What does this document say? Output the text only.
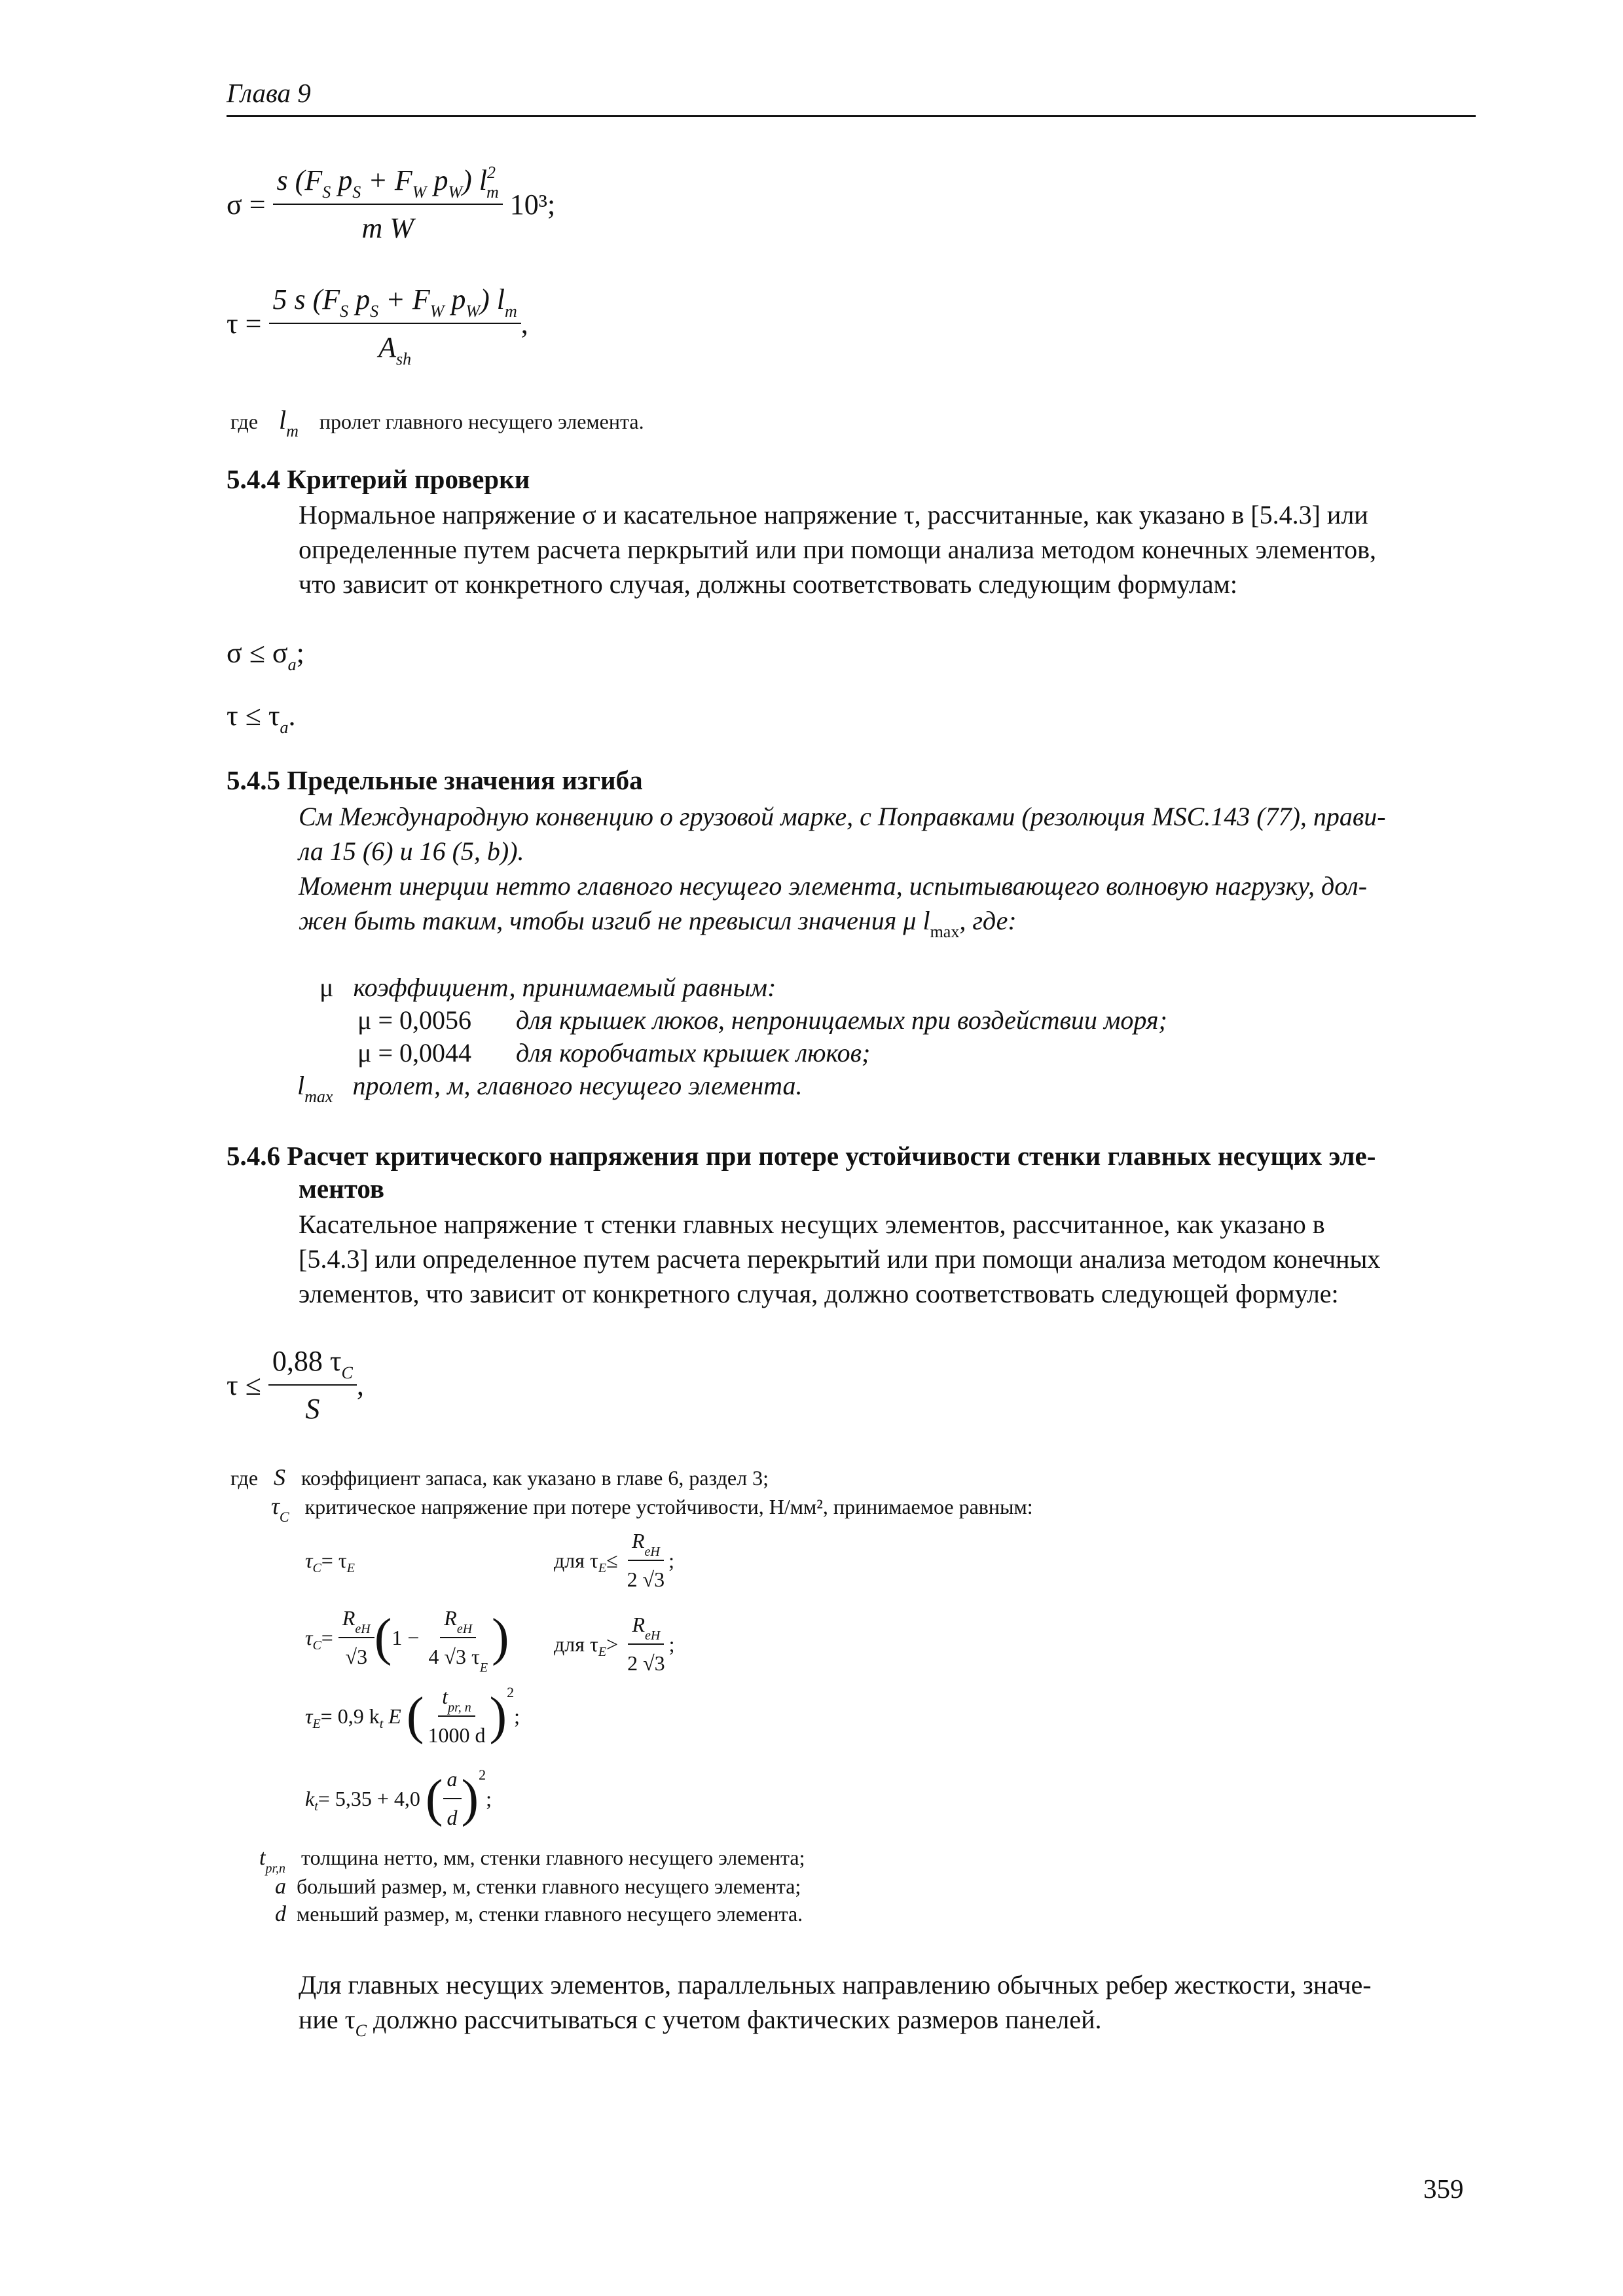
Глава 9
σ =
$\frac{s (F_S p_S + F_W p_W) l^2_m}{\text{m W}}$
10³;
τ =
$\frac{5 s (F_S p_S + F_W p_W) l_m}{A_{sh}}$ ,
где $l_m$ пролет главного несущего элемента.
5.4.4 Критерий проверки
Нормальное напряжение σ и касательное напряжение τ, рассчитанные, как указано в [5.4.3] или
определенные путем расчета перкрытий или при помощи анализа методом конечных элементов,
что зависит от конкретного случая, должны соответствовать следующим формулам:
$\sigma \le \sigma_a$;
$\tau \le \tau_a$.
5.4.5 Предельные значения изгиба
См Международную конвенцию о грузовой марке, с Поправками (резолюция MSC.143 (77), прави-
ла 15 (6) и 16 (5, b)).
Момент инерции нетто главного несущего элемента, испытывающего волновую нагрузку, дол-
жен быть таким, чтобы изгиб не превысил значения μ $l_{max}$, где:
μ коэффициент, принимаемый равным:
μ = 0,0056 для крышек люков, непроницаемых при воздействии моря;
μ = 0,0044 для коробчатых крышек люков;
$l_{max}$ пролет, м, главного несущего элемента.
5.4.6 Расчет критического напряжения при потере устойчивости стенки главных несущих эле-
ментов
Касательное напряжение τ стенки главных несущих элементов, рассчитанное, как указано в
[5.4.3] или определенное путем расчета перекрытий или при помощи анализа методом конечных
элементов, что зависит от конкретного случая, должно соответствовать следующей формуле:
τ ≤
$\frac{0,88 \tau_C}{S}$ ,
где S коэффициент запаса, как указано в главе 6, раздел 3;
$\tau_C$ критическое напряжение при потере устойчивости, Н/мм², принимаемое равным:
τ C = τ E	для τ E ≤
$\frac{R_{eH}}{2 √3}$ ;
τ C =
$\frac{R_{eH}}{√3}$ ( 1 −
$\frac{R_{eH}}{4 √3 \tau_E}$ ) для τ E >
$\frac{R_{eH}}{2 √3}$ ;
τ E = 0,9 k t
E
( $\frac{t_{pr, n}}{1000 d}$ ) 2
;
k t = 5,35 + 4,0
( $\frac{a}{d}$ ) 2
;
$t_{pr,n}$ толщина нетто, мм, стенки главного несущего элемента;
a больший размер, м, стенки главного несущего элемента;
d меньший размер, м, стенки главного несущего элемента.
Для главных несущих элементов, параллельных направлению обычных ребер жесткости, значе-
ние $\tau_C$ должно рассчитываться с учетом фактических размеров панелей.
359
